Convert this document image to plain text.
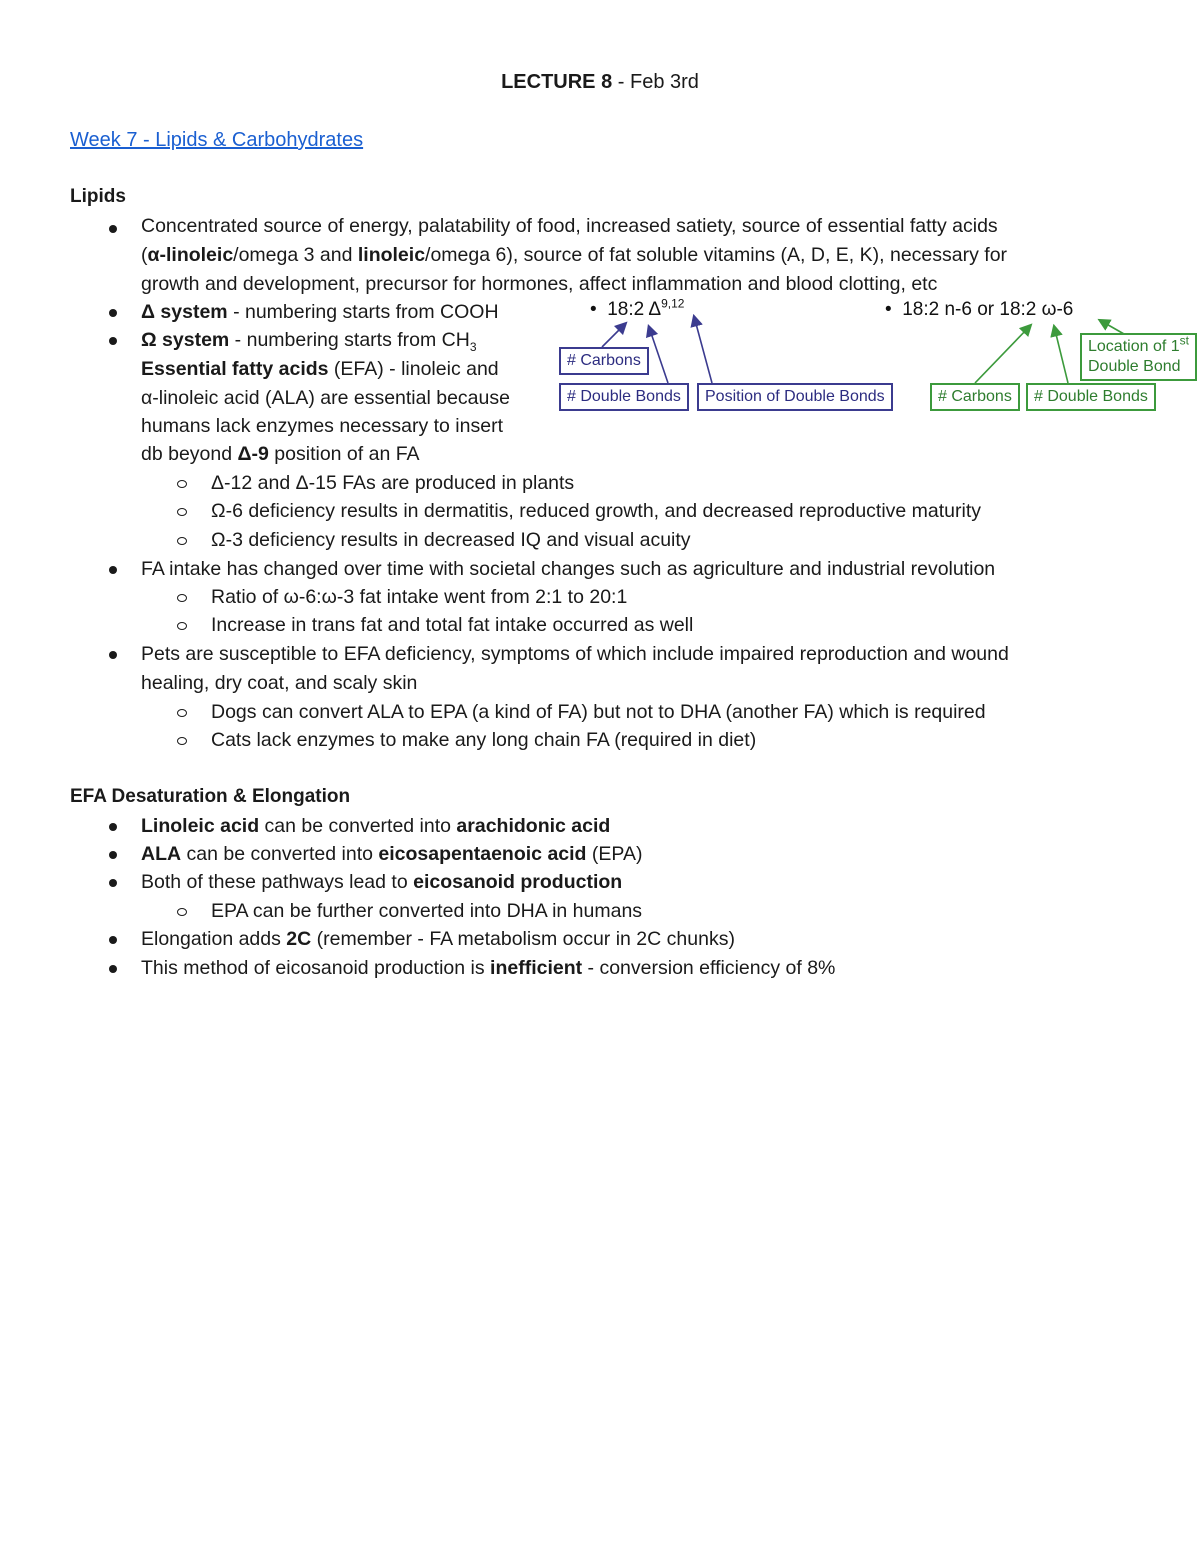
LECTURE 8 - Feb 3rd
Week 7 - Lipids & Carbohydrates
Lipids
Concentrated source of energy, palatability of food, increased satiety, source of essential fatty acids
(α-linoleic/omega 3 and linoleic/omega 6), source of fat soluble vitamins (A, D, E, K), necessary for
growth and development, precursor for hormones, affect inflammation and blood clotting, etc
Δ system - numbering starts from COOH
Ω system - numbering starts from $CH_3$
Essential fatty acids (EFA) - linoleic and
α-linoleic acid (ALA) are essential because
humans lack enzymes necessary to insert
db beyond Δ-9 position of an FA
Δ-12 and Δ-15 FAs are produced in plants
Ω-6 deficiency results in dermatitis, reduced growth, and decreased reproductive maturity
Ω-3 deficiency results in decreased IQ and visual acuity
FA intake has changed over time with societal changes such as agriculture and industrial revolution
Ratio of ω-6:ω-3 fat intake went from 2:1 to 20:1
Increase in trans fat and total fat intake occurred as well
Pets are susceptible to EFA deficiency, symptoms of which include impaired reproduction and wound
healing, dry coat, and scaly skin
Dogs can convert ALA to EPA (a kind of FA) but not to DHA (another FA) which is required
Cats lack enzymes to make any long chain FA (required in diet)
• 18:2 Δ$^{9,12}$	• 18:2 n-6 or 18:2 ω-6
# Carbons
# Double Bonds	Position of Double Bonds	# Carbons	# Double Bonds
Location of 1st
Double Bond
EFA Desaturation & Elongation
Linoleic acid can be converted into arachidonic acid
ALA can be converted into eicosapentaenoic acid (EPA)
Both of these pathways lead to eicosanoid production
EPA can be further converted into DHA in humans
Elongation adds 2C (remember - FA metabolism occur in 2C chunks)
This method of eicosanoid production is inefficient - conversion efficiency of 8%
